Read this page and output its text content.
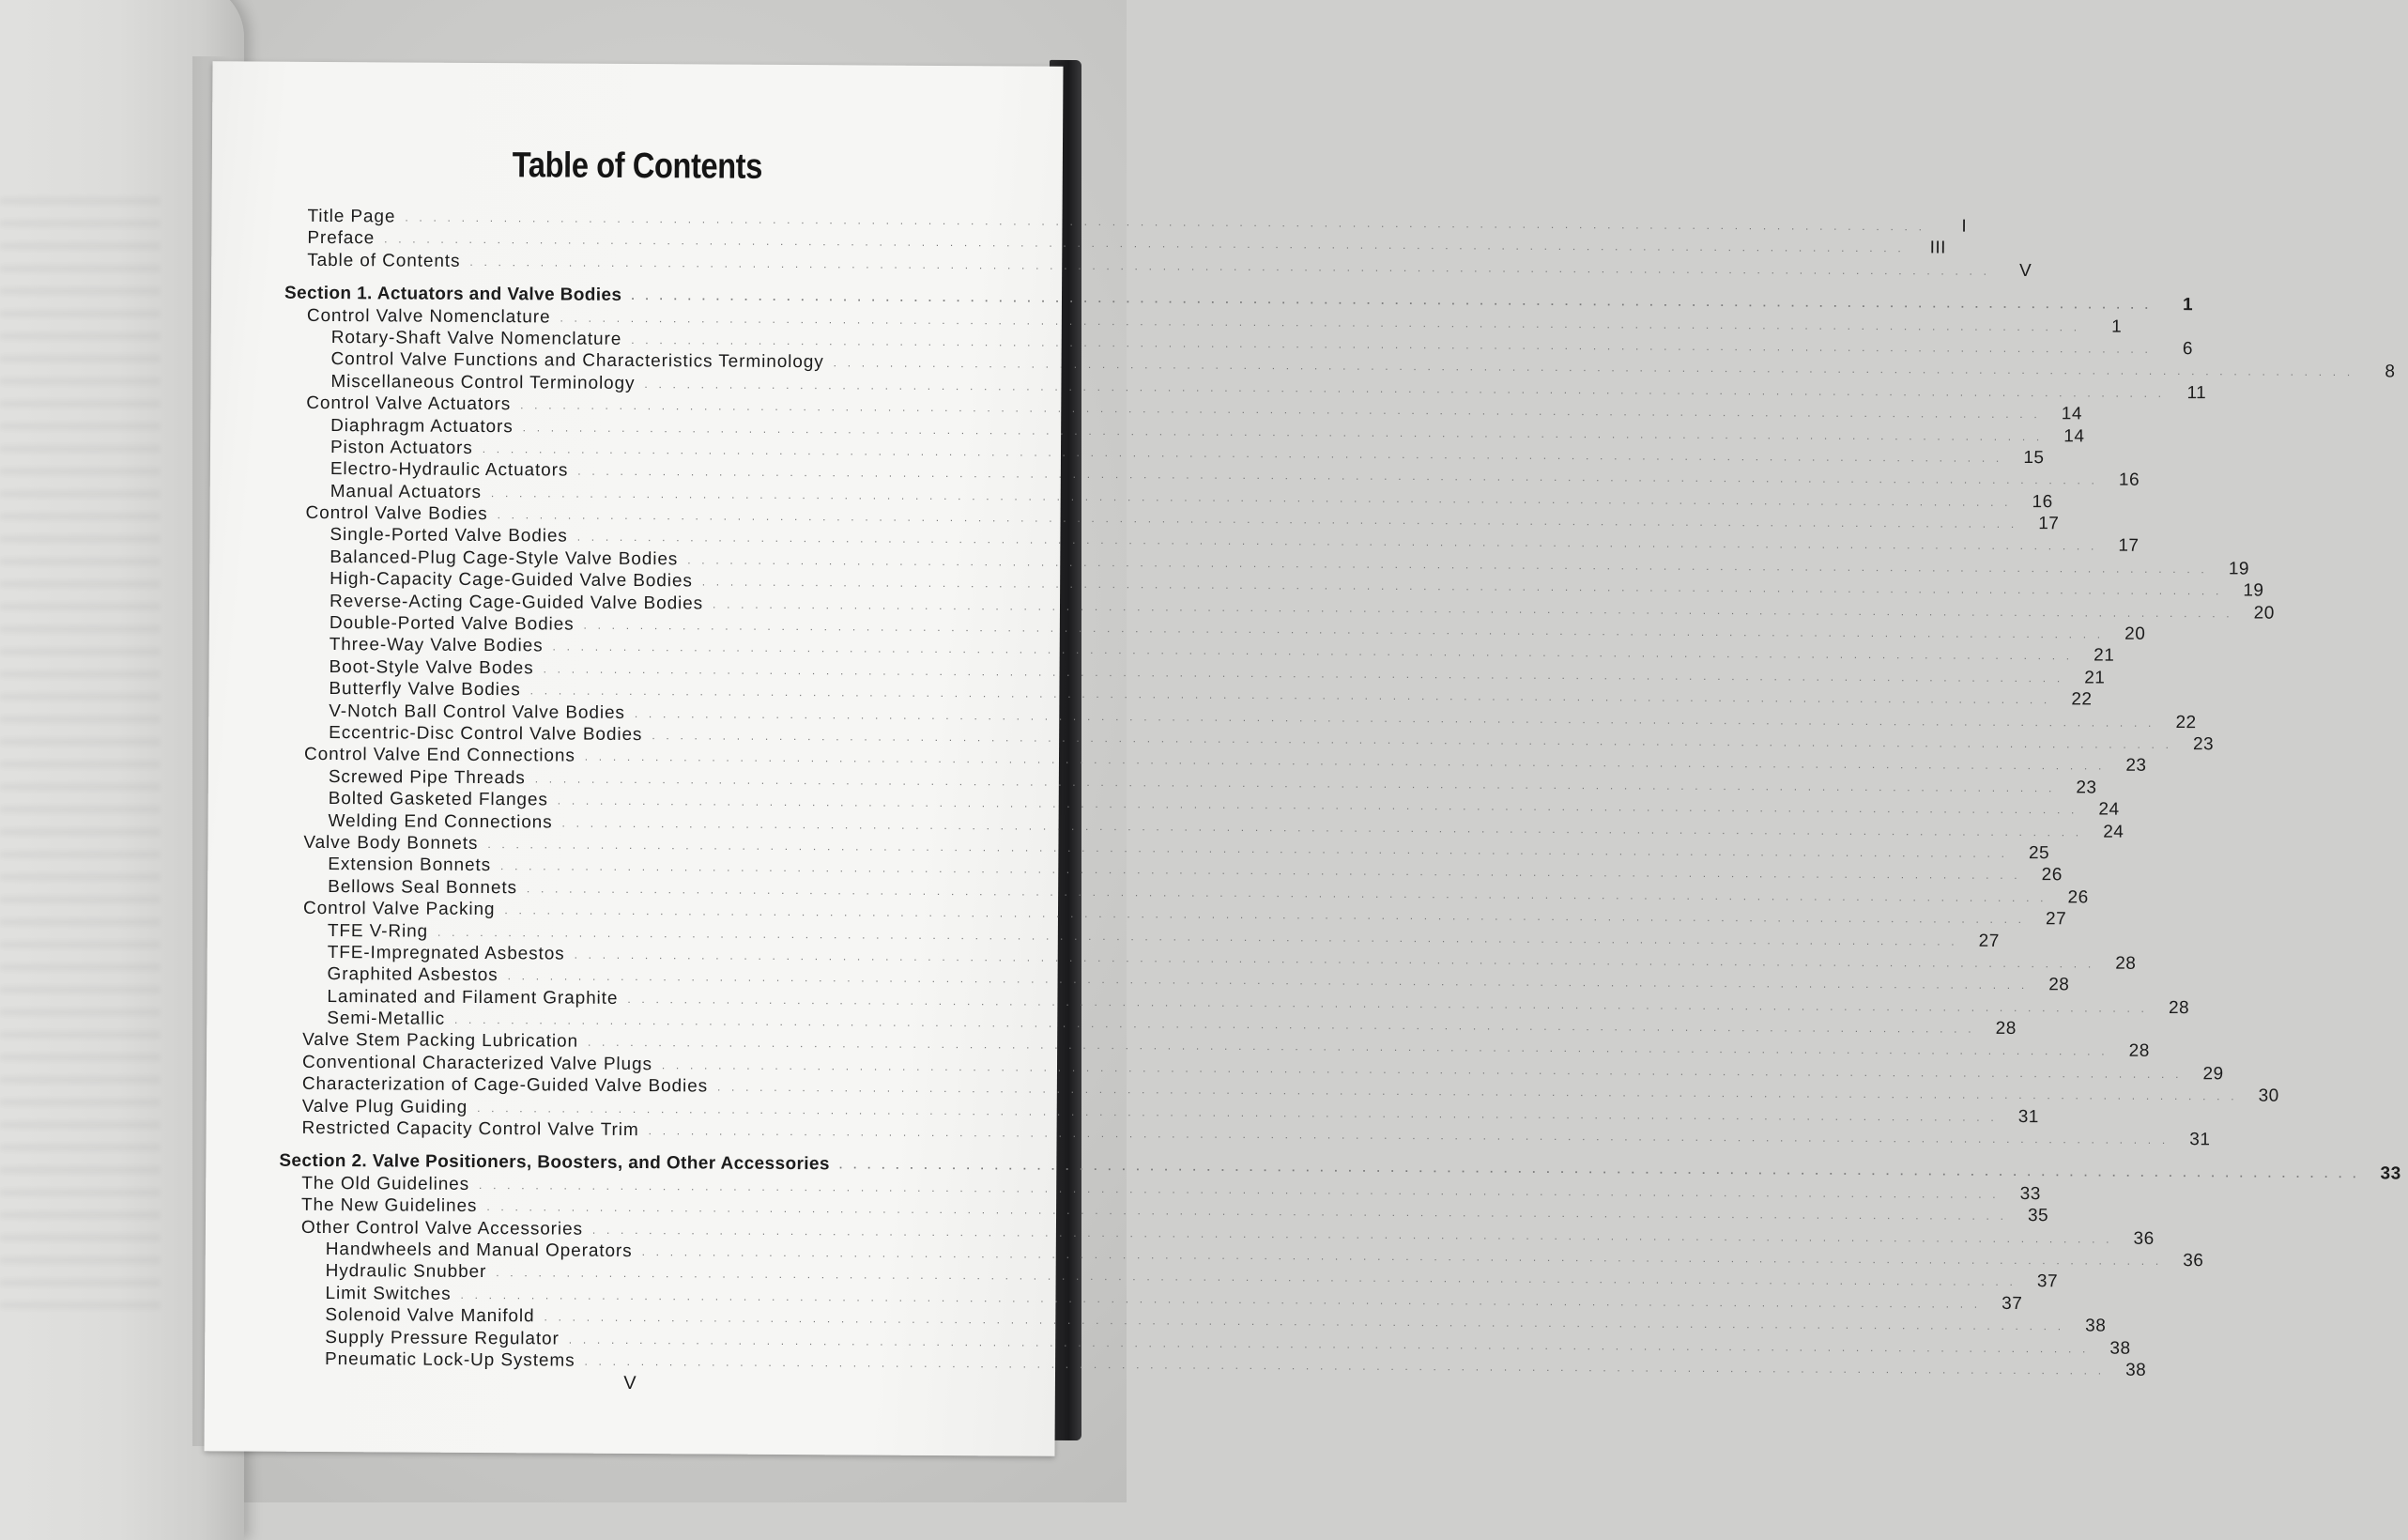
Table of Contents
Title Page . . . . . . . . . . . . . . . . . . . . . . . . . . . . . . . . . . . . . . . . . . . . . . . . . . . . . . . . . . . . . . . . . . . . . . . . . . . . . . . . . . . . . . . . . . . . . . . . . . . . . . . . . . . .	I
Preface . . . . . . . . . . . . . . . . . . . . . . . . . . . . . . . . . . . . . . . . . . . . . . . . . . . . . . . . . . . . . . . . . . . . . . . . . . . . . . . . . . . . . . . . . . . . . . . . . . . . . . . . . . . .	III
Table of Contents . . . . . . . . . . . . . . . . . . . . . . . . . . . . . . . . . . . . . . . . . . . . . . . . . . . . . . . . . . . . . . . . . . . . . . . . . . . . . . . . . . . . . . . . . . . . . . . . . . . . . . . . . . . .	V
Section 1. Actuators and Valve Bodies . . . . . . . . . . . . . . . . . . . . . . . . . . . . . . . . . . . . . . . . . . . . . . . . . . . . . . . . . . . . . . . . . . . . . . . . . . . . . . . . . . . . . . . . . . . . . . . . . . . . . . . . . . . .	1
Control Valve Nomenclature . . . . . . . . . . . . . . . . . . . . . . . . . . . . . . . . . . . . . . . . . . . . . . . . . . . . . . . . . . . . . . . . . . . . . . . . . . . . . . . . . . . . . . . . . . . . . . . . . . . . . . . . . . . .	1
Rotary-Shaft Valve Nomenclature . . . . . . . . . . . . . . . . . . . . . . . . . . . . . . . . . . . . . . . . . . . . . . . . . . . . . . . . . . . . . . . . . . . . . . . . . . . . . . . . . . . . . . . . . . . . . . . . . . . . . . . . . . . .	6
Control Valve Functions and Characteristics Terminology . . . . . . . . . . . . . . . . . . . . . . . . . . . . . . . . . . . . . . . . . . . . . . . . . . . . . . . . . . . . . . . . . . . . . . . . . . . . . . . . . . . . . . . . . . . . . . . . . . . . . . . . . . . .	8
Miscellaneous Control Terminology . . . . . . . . . . . . . . . . . . . . . . . . . . . . . . . . . . . . . . . . . . . . . . . . . . . . . . . . . . . . . . . . . . . . . . . . . . . . . . . . . . . . . . . . . . . . . . . . . . . . . . . . . . . .	11
Control Valve Actuators . . . . . . . . . . . . . . . . . . . . . . . . . . . . . . . . . . . . . . . . . . . . . . . . . . . . . . . . . . . . . . . . . . . . . . . . . . . . . . . . . . . . . . . . . . . . . . . . . . . . . . . . . . . .	14
Diaphragm Actuators . . . . . . . . . . . . . . . . . . . . . . . . . . . . . . . . . . . . . . . . . . . . . . . . . . . . . . . . . . . . . . . . . . . . . . . . . . . . . . . . . . . . . . . . . . . . . . . . . . . . . . . . . . . .	14
Piston Actuators . . . . . . . . . . . . . . . . . . . . . . . . . . . . . . . . . . . . . . . . . . . . . . . . . . . . . . . . . . . . . . . . . . . . . . . . . . . . . . . . . . . . . . . . . . . . . . . . . . . . . . . . . . . .	15
Electro-Hydraulic Actuators . . . . . . . . . . . . . . . . . . . . . . . . . . . . . . . . . . . . . . . . . . . . . . . . . . . . . . . . . . . . . . . . . . . . . . . . . . . . . . . . . . . . . . . . . . . . . . . . . . . . . . . . . . . .	16
Manual Actuators . . . . . . . . . . . . . . . . . . . . . . . . . . . . . . . . . . . . . . . . . . . . . . . . . . . . . . . . . . . . . . . . . . . . . . . . . . . . . . . . . . . . . . . . . . . . . . . . . . . . . . . . . . . .	16
Control Valve Bodies . . . . . . . . . . . . . . . . . . . . . . . . . . . . . . . . . . . . . . . . . . . . . . . . . . . . . . . . . . . . . . . . . . . . . . . . . . . . . . . . . . . . . . . . . . . . . . . . . . . . . . . . . . . .	17
Single-Ported Valve Bodies . . . . . . . . . . . . . . . . . . . . . . . . . . . . . . . . . . . . . . . . . . . . . . . . . . . . . . . . . . . . . . . . . . . . . . . . . . . . . . . . . . . . . . . . . . . . . . . . . . . . . . . . . . . .	17
Balanced-Plug Cage-Style Valve Bodies . . . . . . . . . . . . . . . . . . . . . . . . . . . . . . . . . . . . . . . . . . . . . . . . . . . . . . . . . . . . . . . . . . . . . . . . . . . . . . . . . . . . . . . . . . . . . . . . . . . . . . . . . . . .	19
High-Capacity Cage-Guided Valve Bodies . . . . . . . . . . . . . . . . . . . . . . . . . . . . . . . . . . . . . . . . . . . . . . . . . . . . . . . . . . . . . . . . . . . . . . . . . . . . . . . . . . . . . . . . . . . . . . . . . . . . . . . . . . . .	19
Reverse-Acting Cage-Guided Valve Bodies . . . . . . . . . . . . . . . . . . . . . . . . . . . . . . . . . . . . . . . . . . . . . . . . . . . . . . . . . . . . . . . . . . . . . . . . . . . . . . . . . . . . . . . . . . . . . . . . . . . . . . . . . . . .	20
Double-Ported Valve Bodies . . . . . . . . . . . . . . . . . . . . . . . . . . . . . . . . . . . . . . . . . . . . . . . . . . . . . . . . . . . . . . . . . . . . . . . . . . . . . . . . . . . . . . . . . . . . . . . . . . . . . . . . . . . .	20
Three-Way Valve Bodies . . . . . . . . . . . . . . . . . . . . . . . . . . . . . . . . . . . . . . . . . . . . . . . . . . . . . . . . . . . . . . . . . . . . . . . . . . . . . . . . . . . . . . . . . . . . . . . . . . . . . . . . . . . .	21
Boot-Style Valve Bodes . . . . . . . . . . . . . . . . . . . . . . . . . . . . . . . . . . . . . . . . . . . . . . . . . . . . . . . . . . . . . . . . . . . . . . . . . . . . . . . . . . . . . . . . . . . . . . . . . . . . . . . . . . . .	21
Butterfly Valve Bodies . . . . . . . . . . . . . . . . . . . . . . . . . . . . . . . . . . . . . . . . . . . . . . . . . . . . . . . . . . . . . . . . . . . . . . . . . . . . . . . . . . . . . . . . . . . . . . . . . . . . . . . . . . . .	22
V-Notch Ball Control Valve Bodies . . . . . . . . . . . . . . . . . . . . . . . . . . . . . . . . . . . . . . . . . . . . . . . . . . . . . . . . . . . . . . . . . . . . . . . . . . . . . . . . . . . . . . . . . . . . . . . . . . . . . . . . . . . .	22
Eccentric-Disc Control Valve Bodies . . . . . . . . . . . . . . . . . . . . . . . . . . . . . . . . . . . . . . . . . . . . . . . . . . . . . . . . . . . . . . . . . . . . . . . . . . . . . . . . . . . . . . . . . . . . . . . . . . . . . . . . . . . .	23
Control Valve End Connections . . . . . . . . . . . . . . . . . . . . . . . . . . . . . . . . . . . . . . . . . . . . . . . . . . . . . . . . . . . . . . . . . . . . . . . . . . . . . . . . . . . . . . . . . . . . . . . . . . . . . . . . . . . .	23
Screwed Pipe Threads . . . . . . . . . . . . . . . . . . . . . . . . . . . . . . . . . . . . . . . . . . . . . . . . . . . . . . . . . . . . . . . . . . . . . . . . . . . . . . . . . . . . . . . . . . . . . . . . . . . . . . . . . . . .	23
Bolted Gasketed Flanges . . . . . . . . . . . . . . . . . . . . . . . . . . . . . . . . . . . . . . . . . . . . . . . . . . . . . . . . . . . . . . . . . . . . . . . . . . . . . . . . . . . . . . . . . . . . . . . . . . . . . . . . . . . .	24
Welding End Connections . . . . . . . . . . . . . . . . . . . . . . . . . . . . . . . . . . . . . . . . . . . . . . . . . . . . . . . . . . . . . . . . . . . . . . . . . . . . . . . . . . . . . . . . . . . . . . . . . . . . . . . . . . . .	24
Valve Body Bonnets . . . . . . . . . . . . . . . . . . . . . . . . . . . . . . . . . . . . . . . . . . . . . . . . . . . . . . . . . . . . . . . . . . . . . . . . . . . . . . . . . . . . . . . . . . . . . . . . . . . . . . . . . . . .	25
Extension Bonnets . . . . . . . . . . . . . . . . . . . . . . . . . . . . . . . . . . . . . . . . . . . . . . . . . . . . . . . . . . . . . . . . . . . . . . . . . . . . . . . . . . . . . . . . . . . . . . . . . . . . . . . . . . . .	26
Bellows Seal Bonnets . . . . . . . . . . . . . . . . . . . . . . . . . . . . . . . . . . . . . . . . . . . . . . . . . . . . . . . . . . . . . . . . . . . . . . . . . . . . . . . . . . . . . . . . . . . . . . . . . . . . . . . . . . . .	26
Control Valve Packing . . . . . . . . . . . . . . . . . . . . . . . . . . . . . . . . . . . . . . . . . . . . . . . . . . . . . . . . . . . . . . . . . . . . . . . . . . . . . . . . . . . . . . . . . . . . . . . . . . . . . . . . . . . .	27
TFE V-Ring . . . . . . . . . . . . . . . . . . . . . . . . . . . . . . . . . . . . . . . . . . . . . . . . . . . . . . . . . . . . . . . . . . . . . . . . . . . . . . . . . . . . . . . . . . . . . . . . . . . . . . . . . . . .	27
TFE-Impregnated Asbestos . . . . . . . . . . . . . . . . . . . . . . . . . . . . . . . . . . . . . . . . . . . . . . . . . . . . . . . . . . . . . . . . . . . . . . . . . . . . . . . . . . . . . . . . . . . . . . . . . . . . . . . . . . . .	28
Graphited Asbestos . . . . . . . . . . . . . . . . . . . . . . . . . . . . . . . . . . . . . . . . . . . . . . . . . . . . . . . . . . . . . . . . . . . . . . . . . . . . . . . . . . . . . . . . . . . . . . . . . . . . . . . . . . . .	28
Laminated and Filament Graphite . . . . . . . . . . . . . . . . . . . . . . . . . . . . . . . . . . . . . . . . . . . . . . . . . . . . . . . . . . . . . . . . . . . . . . . . . . . . . . . . . . . . . . . . . . . . . . . . . . . . . . . . . . . .	28
Semi-Metallic . . . . . . . . . . . . . . . . . . . . . . . . . . . . . . . . . . . . . . . . . . . . . . . . . . . . . . . . . . . . . . . . . . . . . . . . . . . . . . . . . . . . . . . . . . . . . . . . . . . . . . . . . . . .	28
Valve Stem Packing Lubrication . . . . . . . . . . . . . . . . . . . . . . . . . . . . . . . . . . . . . . . . . . . . . . . . . . . . . . . . . . . . . . . . . . . . . . . . . . . . . . . . . . . . . . . . . . . . . . . . . . . . . . . . . . . .	28
Conventional Characterized Valve Plugs . . . . . . . . . . . . . . . . . . . . . . . . . . . . . . . . . . . . . . . . . . . . . . . . . . . . . . . . . . . . . . . . . . . . . . . . . . . . . . . . . . . . . . . . . . . . . . . . . . . . . . . . . . . .	29
Characterization of Cage-Guided Valve Bodies . . . . . . . . . . . . . . . . . . . . . . . . . . . . . . . . . . . . . . . . . . . . . . . . . . . . . . . . . . . . . . . . . . . . . . . . . . . . . . . . . . . . . . . . . . . . . . . . . . . . . . . . . . . .	30
Valve Plug Guiding . . . . . . . . . . . . . . . . . . . . . . . . . . . . . . . . . . . . . . . . . . . . . . . . . . . . . . . . . . . . . . . . . . . . . . . . . . . . . . . . . . . . . . . . . . . . . . . . . . . . . . . . . . . .	31
Restricted Capacity Control Valve Trim . . . . . . . . . . . . . . . . . . . . . . . . . . . . . . . . . . . . . . . . . . . . . . . . . . . . . . . . . . . . . . . . . . . . . . . . . . . . . . . . . . . . . . . . . . . . . . . . . . . . . . . . . . . .	31
Section 2. Valve Positioners, Boosters, and Other Accessories . . . . . . . . . . . . . . . . . . . . . . . . . . . . . . . . . . . . . . . . . . . . . . . . . . . . . . . . . . . . . . . . . . . . . . . . . . . . . . . . . . . . . . . . . . . . . . . . . . . . . . . . . . . .	33
The Old Guidelines . . . . . . . . . . . . . . . . . . . . . . . . . . . . . . . . . . . . . . . . . . . . . . . . . . . . . . . . . . . . . . . . . . . . . . . . . . . . . . . . . . . . . . . . . . . . . . . . . . . . . . . . . . . .	33
The New Guidelines . . . . . . . . . . . . . . . . . . . . . . . . . . . . . . . . . . . . . . . . . . . . . . . . . . . . . . . . . . . . . . . . . . . . . . . . . . . . . . . . . . . . . . . . . . . . . . . . . . . . . . . . . . . .	35
Other Control Valve Accessories . . . . . . . . . . . . . . . . . . . . . . . . . . . . . . . . . . . . . . . . . . . . . . . . . . . . . . . . . . . . . . . . . . . . . . . . . . . . . . . . . . . . . . . . . . . . . . . . . . . . . . . . . . . .	36
Handwheels and Manual Operators . . . . . . . . . . . . . . . . . . . . . . . . . . . . . . . . . . . . . . . . . . . . . . . . . . . . . . . . . . . . . . . . . . . . . . . . . . . . . . . . . . . . . . . . . . . . . . . . . . . . . . . . . . . .	36
Hydraulic Snubber . . . . . . . . . . . . . . . . . . . . . . . . . . . . . . . . . . . . . . . . . . . . . . . . . . . . . . . . . . . . . . . . . . . . . . . . . . . . . . . . . . . . . . . . . . . . . . . . . . . . . . . . . . . .	37
Limit Switches . . . . . . . . . . . . . . . . . . . . . . . . . . . . . . . . . . . . . . . . . . . . . . . . . . . . . . . . . . . . . . . . . . . . . . . . . . . . . . . . . . . . . . . . . . . . . . . . . . . . . . . . . . . .	37
Solenoid Valve Manifold . . . . . . . . . . . . . . . . . . . . . . . . . . . . . . . . . . . . . . . . . . . . . . . . . . . . . . . . . . . . . . . . . . . . . . . . . . . . . . . . . . . . . . . . . . . . . . . . . . . . . . . . . . . .	38
Supply Pressure Regulator . . . . . . . . . . . . . . . . . . . . . . . . . . . . . . . . . . . . . . . . . . . . . . . . . . . . . . . . . . . . . . . . . . . . . . . . . . . . . . . . . . . . . . . . . . . . . . . . . . . . . . . . . . . .	38
Pneumatic Lock-Up Systems . . . . . . . . . . . . . . . . . . . . . . . . . . . . . . . . . . . . . . . . . . . . . . . . . . . . . . . . . . . . . . . . . . . . . . . . . . . . . . . . . . . . . . . . . . . . . . . . . . . . . . . . . . . .	38
V
